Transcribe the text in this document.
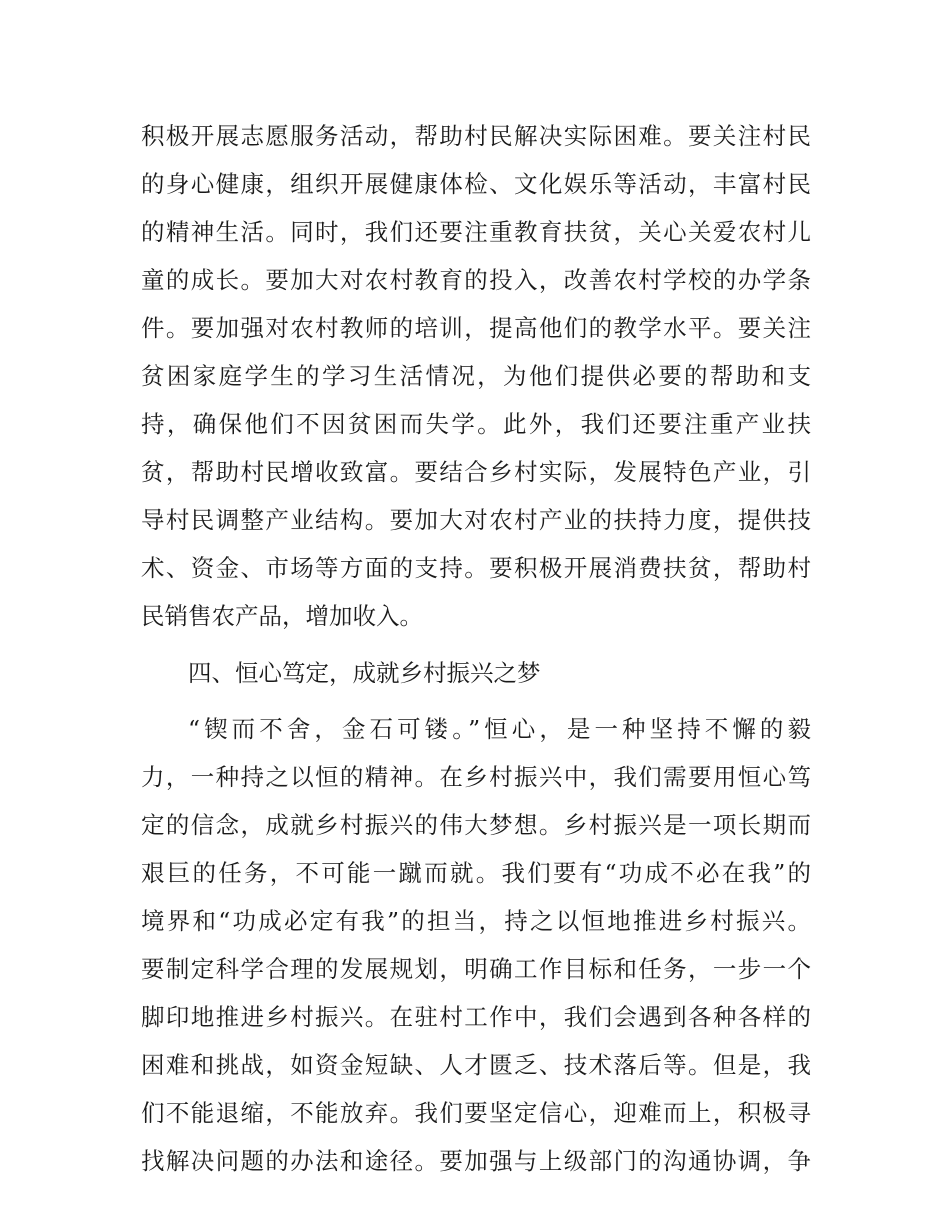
积极开展志愿服务活动，帮助村民解决实际困难。要关注村民
的身心健康，组织开展健康体检、文化娱乐等活动，丰富村民
的精神生活。同时，我们还要注重教育扶贫，关心关爱农村儿
童的成长。要加大对农村教育的投入，改善农村学校的办学条
件。要加强对农村教师的培训，提高他们的教学水平。要关注
贫困家庭学生的学习生活情况，为他们提供必要的帮助和支
持，确保他们不因贫困而失学。此外，我们还要注重产业扶
贫，帮助村民增收致富。要结合乡村实际，发展特色产业，引
导村民调整产业结构。要加大对农村产业的扶持力度，提供技
术、资金、市场等方面的支持。要积极开展消费扶贫，帮助村
民销售农产品，增加收入。
四、恒心笃定，成就乡村振兴之梦
“锲而不舍，金石可镂。”恒心，是一种坚持不懈的毅
力，一种持之以恒的精神。在乡村振兴中，我们需要用恒心笃
定的信念，成就乡村振兴的伟大梦想。乡村振兴是一项长期而
艰巨的任务，不可能一蹴而就。我们要有“功成不必在我”的
境界和“功成必定有我”的担当，持之以恒地推进乡村振兴。
要制定科学合理的发展规划，明确工作目标和任务，一步一个
脚印地推进乡村振兴。在驻村工作中，我们会遇到各种各样的
困难和挑战，如资金短缺、人才匮乏、技术落后等。但是，我
们不能退缩，不能放弃。我们要坚定信心，迎难而上，积极寻
找解决问题的办法和途径。要加强与上级部门的沟通协调，争
